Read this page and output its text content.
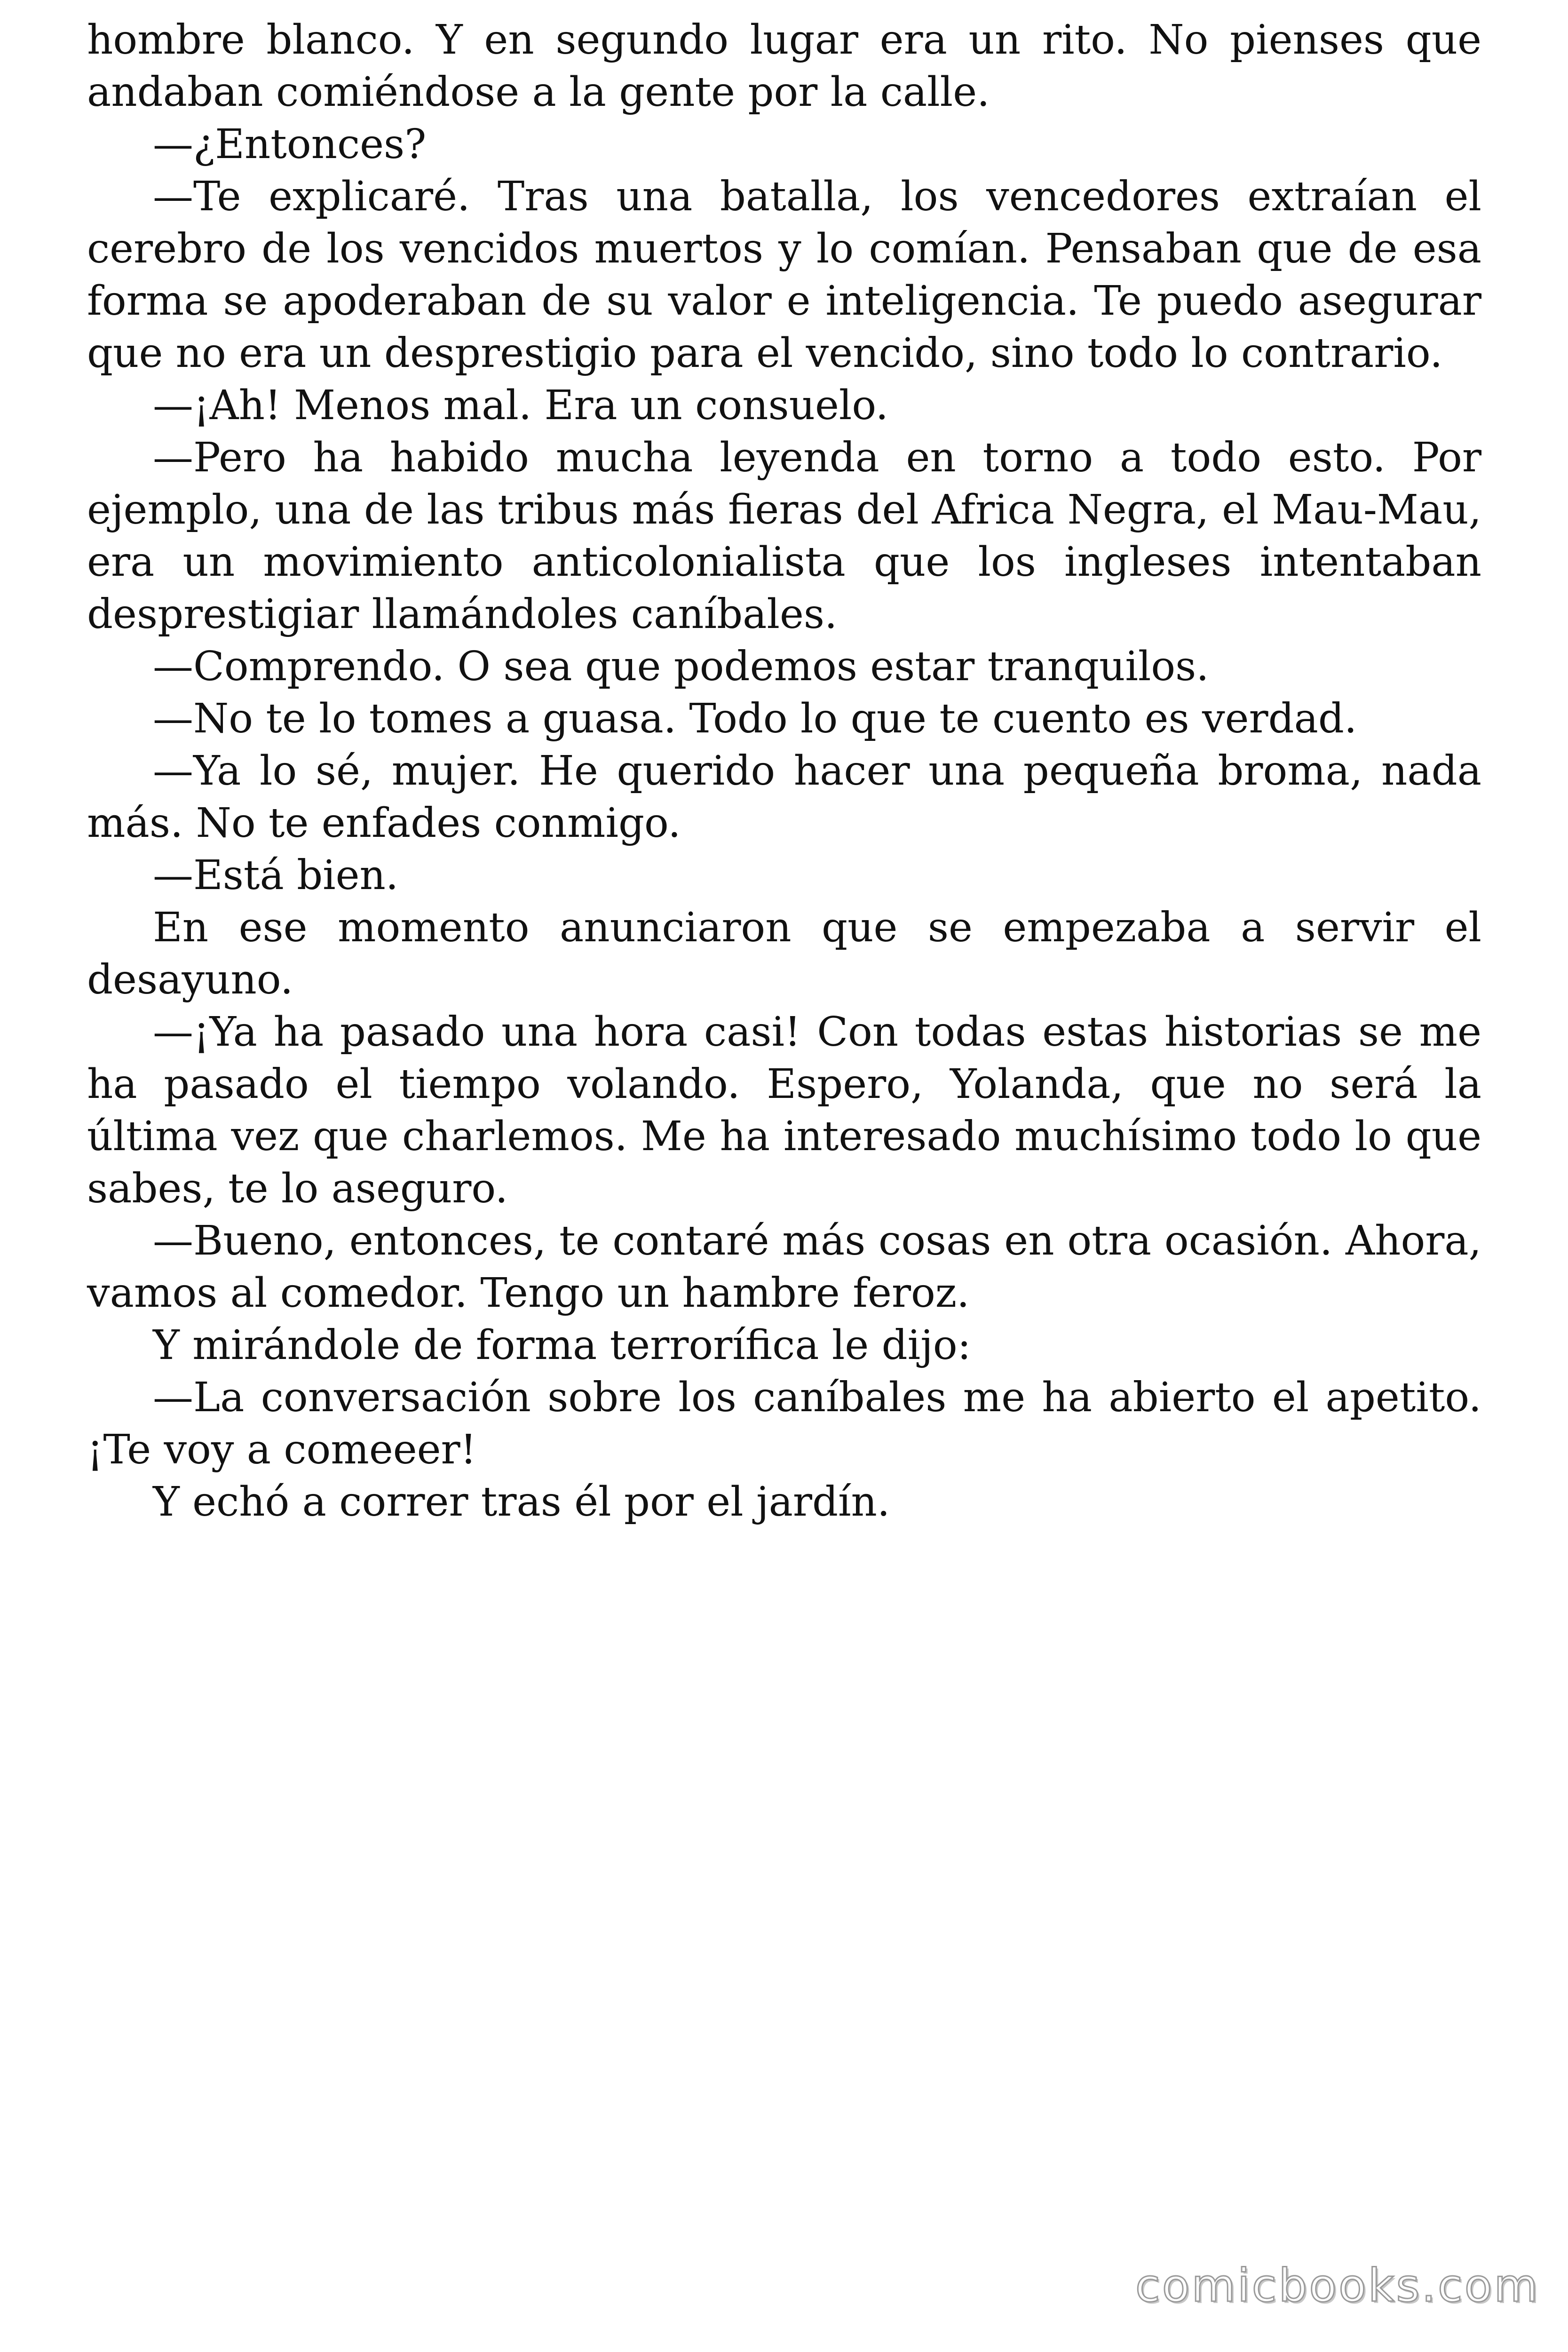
hombre blanco. Y en segundo lugar era un rito. No pienses que andaban comiéndose a la gente por la calle.

—¿Entonces?

—Te explicaré. Tras una batalla, los vencedores extraían el cerebro de los vencidos muertos y lo comían. Pensaban que de esa forma se apoderaban de su valor e inteligencia. Te puedo asegurar que no era un desprestigio para el vencido, sino todo lo contrario.

—¡Ah! Menos mal. Era un consuelo.

—Pero ha habido mucha leyenda en torno a todo esto. Por ejemplo, una de las tribus más fieras del Africa Negra, el Mau-Mau, era un movimiento anticolonialista que los ingleses intentaban desprestigiar llamándoles caníbales.

—Comprendo. O sea que podemos estar tranquilos.

—No te lo tomes a guasa. Todo lo que te cuento es verdad.

—Ya lo sé, mujer. He querido hacer una pequeña broma, nada más. No te enfades conmigo.

—Está bien.

En ese momento anunciaron que se empezaba a servir el desayuno.

—¡Ya ha pasado una hora casi! Con todas estas historias se me ha pasado el tiempo volando. Espero, Yolanda, que no será la última vez que charlemos. Me ha interesado muchísimo todo lo que sabes, te lo aseguro.

—Bueno, entonces, te contaré más cosas en otra ocasión. Ahora, vamos al comedor. Tengo un hambre feroz.

Y mirándole de forma terrorífica le dijo:

—La conversación sobre los caníbales me ha abierto el apetito. ¡Te voy a comeeer!

Y echó a correr tras él por el jardín.

comicbooks.com
